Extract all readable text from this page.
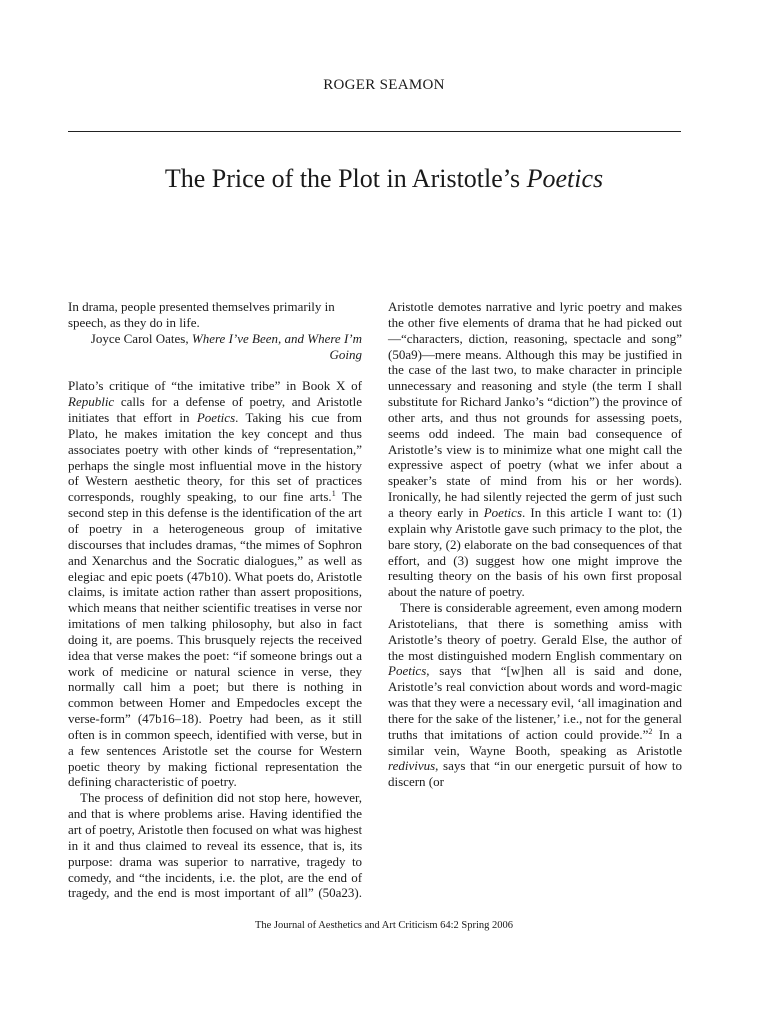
ROGER SEAMON
The Price of the Plot in Aristotle’s Poetics

In drama, people presented themselves primarily in speech, as they do in life.

Joyce Carol Oates, Where I’ve Been, and Where I’m Going

Plato’s critique of “the imitative tribe” in Book X of Republic calls for a defense of poetry, and Aristotle initiates that effort in Poetics. Taking his cue from Plato, he makes imitation the key concept and thus associates poetry with other kinds of “representation,” perhaps the single most influential move in the history of Western aesthetic theory, for this set of practices corresponds, roughly speaking, to our fine arts.$^1$ The second step in this defense is the identification of the art of poetry in a heterogeneous group of imitative discourses that includes dramas, “the mimes of Sophron and Xenarchus and the Socratic dialogues,” as well as elegiac and epic poets (47b10). What poets do, Aristotle claims, is imitate action rather than assert propositions, which means that neither scientific treatises in verse nor imitations of men talking philosophy, but also in fact doing it, are poems. This brusquely rejects the received idea that verse makes the poet: “if someone brings out a work of medicine or natural science in verse, they normally call him a poet; but there is nothing in common between Homer and Empedocles except the verse-form” (47b16–18). Poetry had been, as it still often is in common speech, identified with verse, but in a few sentences Aristotle set the course for Western poetic theory by making fictional representation the defining characteristic of poetry.

The process of definition did not stop here, however, and that is where problems arise. Having identified the art of poetry, Aristotle then focused on what was highest in it and thus claimed to reveal its essence, that is, its purpose: drama was superior to narrative, tragedy to comedy, and “the incidents, i.e. the plot, are the end of tragedy, and the end is most important of all” (50a23).

Aristotle demotes narrative and lyric poetry and makes the other five elements of drama that he had picked out—“characters, diction, reasoning, spectacle and song” (50a9)—mere means. Although this may be justified in the case of the last two, to make character in principle unnecessary and reasoning and style (the term I shall substitute for Richard Janko’s “diction”) the province of other arts, and thus not grounds for assessing poets, seems odd indeed. The main bad consequence of Aristotle’s view is to minimize what one might call the expressive aspect of poetry (what we infer about a speaker’s state of mind from his or her words). Ironically, he had silently rejected the germ of just such a theory early in Poetics. In this article I want to: (1) explain why Aristotle gave such primacy to the plot, the bare story, (2) elaborate on the bad consequences of that effort, and (3) suggest how one might improve the resulting theory on the basis of his own first proposal about the nature of poetry.

There is considerable agreement, even among modern Aristotelians, that there is something amiss with Aristotle’s theory of poetry. Gerald Else, the author of the most distinguished modern English commentary on Poetics, says that “[w]hen all is said and done, Aristotle’s real conviction about words and word-magic was that they were a necessary evil, ‘all imagination and there for the sake of the listener,’ i.e., not for the general truths that imitations of action could provide.”$^2$ In a similar vein, Wayne Booth, speaking as Aristotle redivivus, says that “in our energetic pursuit of how to discern (or

The Journal of Aesthetics and Art Criticism 64:2 Spring 2006
